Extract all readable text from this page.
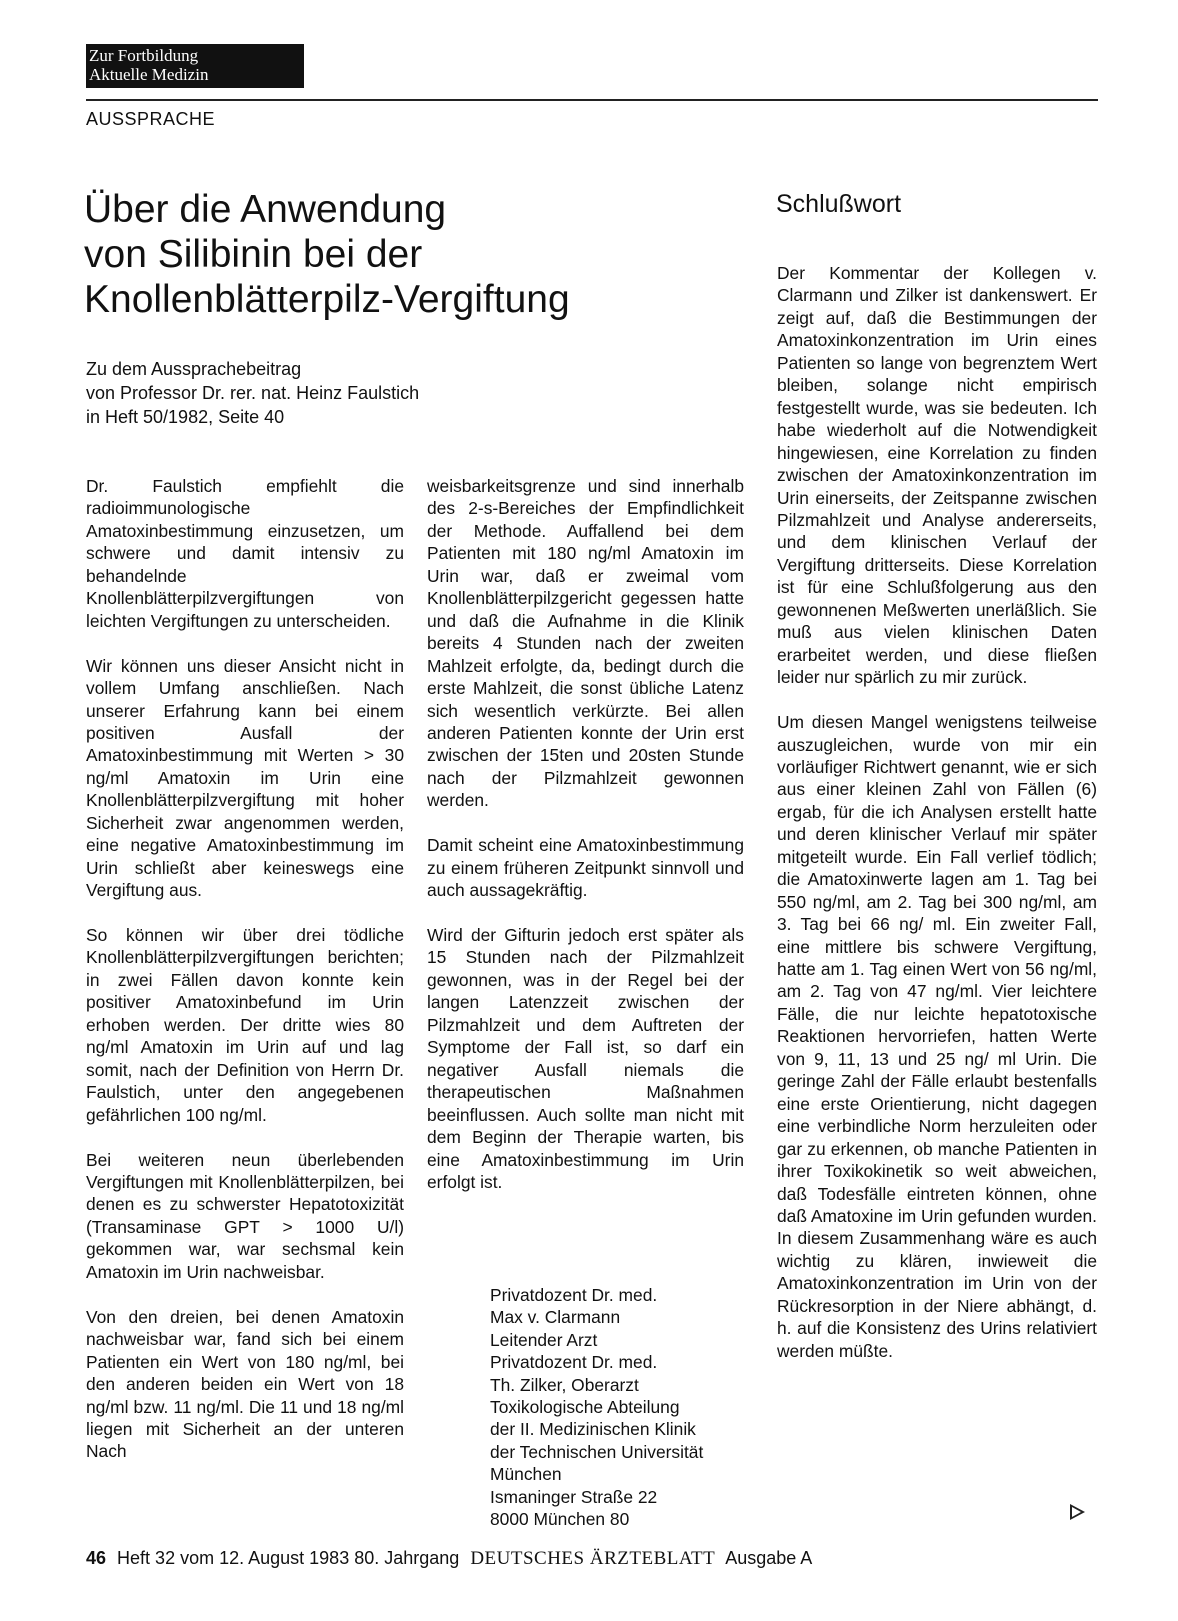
Zur Fortbildung
Aktuelle Medizin
AUSSPRACHE
Über die Anwendung
von Silibinin bei der
Knollenblätterpilz-Vergiftung
Zu dem Aussprachebeitrag
von Professor Dr. rer. nat. Heinz Faulstich
in Heft 50/1982, Seite 40

Dr. Faulstich empfiehlt die radioimmunologische Amatoxinbestimmung einzusetzen, um schwere und damit intensiv zu behandelnde Knollenblätterpilzvergiftungen von leichten Vergiftungen zu unterscheiden.

Wir können uns dieser Ansicht nicht in vollem Umfang anschließen. Nach unserer Erfahrung kann bei einem positiven Ausfall der Amatoxinbestimmung mit Werten > 30 ng/ml Amatoxin im Urin eine Knollenblätterpilzvergiftung mit hoher Sicherheit zwar angenommen werden, eine negative Amatoxinbestimmung im Urin schließt aber keineswegs eine Vergiftung aus.

So können wir über drei tödliche Knollenblätterpilzvergiftungen berichten; in zwei Fällen davon konnte kein positiver Amatoxinbefund im Urin erhoben werden. Der dritte wies 80 ng/ml Amatoxin im Urin auf und lag somit, nach der Definition von Herrn Dr. Faulstich, unter den angegebenen gefährlichen 100 ng/ml.

Bei weiteren neun überlebenden Vergiftungen mit Knollenblätterpilzen, bei denen es zu schwerster Hepatotoxizität (Transaminase GPT > 1000 U/l) gekommen war, war sechsmal kein Amatoxin im Urin nachweisbar.

Von den dreien, bei denen Amatoxin nachweisbar war, fand sich bei einem Patienten ein Wert von 180 ng/ml, bei den anderen beiden ein Wert von 18 ng/ml bzw. 11 ng/ml. Die 11 und 18 ng/ml liegen mit Sicherheit an der unteren Nach

weisbarkeitsgrenze und sind innerhalb des 2-s-Bereiches der Empfindlichkeit der Methode. Auffallend bei dem Patienten mit 180 ng/ml Amatoxin im Urin war, daß er zweimal vom Knollenblätterpilzgericht gegessen hatte und daß die Aufnahme in die Klinik bereits 4 Stunden nach der zweiten Mahlzeit erfolgte, da, bedingt durch die erste Mahlzeit, die sonst übliche Latenz sich wesentlich verkürzte. Bei allen anderen Patienten konnte der Urin erst zwischen der 15ten und 20sten Stunde nach der Pilzmahlzeit gewonnen werden.

Damit scheint eine Amatoxinbestimmung zu einem früheren Zeitpunkt sinnvoll und auch aussagekräftig.

Wird der Gifturin jedoch erst später als 15 Stunden nach der Pilzmahlzeit gewonnen, was in der Regel bei der langen Latenzzeit zwischen der Pilzmahlzeit und dem Auftreten der Symptome der Fall ist, so darf ein negativer Ausfall niemals die therapeutischen Maßnahmen beeinflussen. Auch sollte man nicht mit dem Beginn der Therapie warten, bis eine Amatoxinbestimmung im Urin erfolgt ist.

Privatdozent Dr. med.
Max v. Clarmann
Leitender Arzt
Privatdozent Dr. med.
Th. Zilker, Oberarzt
Toxikologische Abteilung
der II. Medizinischen Klinik
der Technischen Universität
München
Ismaninger Straße 22
8000 München 80
Schlußwort

Der Kommentar der Kollegen v. Clarmann und Zilker ist dankenswert. Er zeigt auf, daß die Bestimmungen der Amatoxinkonzentration im Urin eines Patienten so lange von begrenztem Wert bleiben, solange nicht empirisch festgestellt wurde, was sie bedeuten. Ich habe wiederholt auf die Notwendigkeit hingewiesen, eine Korrelation zu finden zwischen der Amatoxinkonzentration im Urin einerseits, der Zeitspanne zwischen Pilzmahlzeit und Analyse andererseits, und dem klinischen Verlauf der Vergiftung dritterseits. Diese Korrelation ist für eine Schlußfolgerung aus den gewonnenen Meßwerten unerläßlich. Sie muß aus vielen klinischen Daten erarbeitet werden, und diese fließen leider nur spärlich zu mir zurück.

Um diesen Mangel wenigstens teilweise auszugleichen, wurde von mir ein vorläufiger Richtwert genannt, wie er sich aus einer kleinen Zahl von Fällen (6) ergab, für die ich Analysen erstellt hatte und deren klinischer Verlauf mir später mitgeteilt wurde. Ein Fall verlief tödlich; die Amatoxinwerte lagen am 1. Tag bei 550 ng/ml, am 2. Tag bei 300 ng/ml, am 3. Tag bei 66 ng/ ml. Ein zweiter Fall, eine mittlere bis schwere Vergiftung, hatte am 1. Tag einen Wert von 56 ng/ml, am 2. Tag von 47 ng/ml. Vier leichtere Fälle, die nur leichte hepatotoxische Reaktionen hervorriefen, hatten Werte von 9, 11, 13 und 25 ng/ ml Urin. Die geringe Zahl der Fälle erlaubt bestenfalls eine erste Orientierung, nicht dagegen eine verbindliche Norm herzuleiten oder gar zu erkennen, ob manche Patienten in ihrer Toxikokinetik so weit abweichen, daß Todesfälle eintreten können, ohne daß Amatoxine im Urin gefunden wurden. In diesem Zusammenhang wäre es auch wichtig zu klären, inwieweit die Amatoxinkonzentration im Urin von der Rückresorption in der Niere abhängt, d. h. auf die Konsistenz des Urins relativiert werden müßte.

46 Heft 32 vom 12. August 1983 80. Jahrgang DEUTSCHES ÄRZTEBLATT Ausgabe A
